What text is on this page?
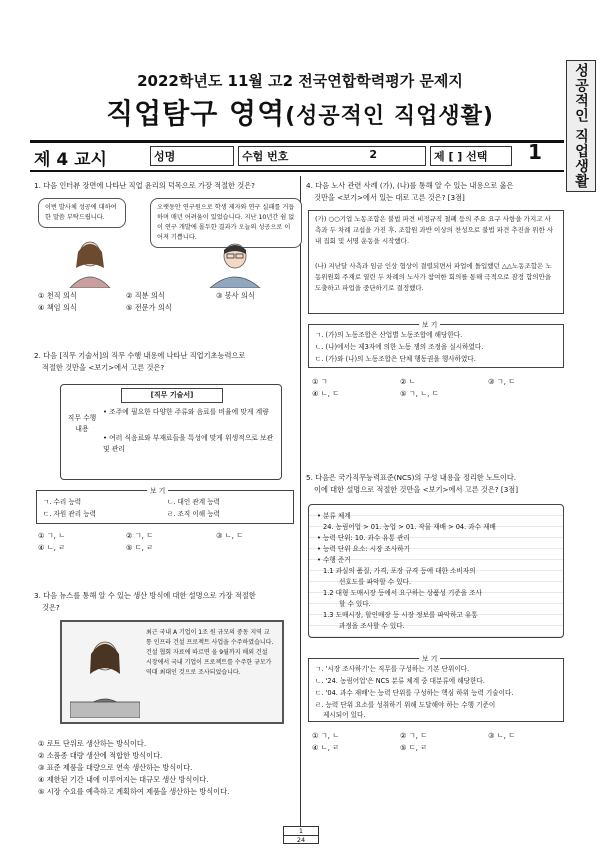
2022학년도 11월 고2 전국연합학력평가 문제지
직업탐구 영역(성공적인 직업생활)	성공적인 직업생활
제 4 교시	성명	수험 번호	2	제 [ ] 선택 1
1. 다음 인터뷰 장면에 나타난 직업 윤리의 덕목으로 가장 적절한 것은?
이번 발사체 성공에 대하여 한 말씀 부탁드립니다.
오랫동안 연구원으로 학생 제자와 연구 실패를 거듭하며 매년 어려움이 있었습니다. 지난 10년간 쉼 없이 연구 개발에 몰두한 결과가 오늘의 성공으로 이어져 기쁩니다.
① 천직 의식	② 직분 의식	③ 봉사 의식
④ 책임 의식	⑤ 전문가 의식
2. 다음 [직무 기술서]의 직무 수행 내용에 나타난 직업기초능력으로
적절한 것만을 <보기>에서 고른 것은?
[직무 기술서]
직무 수행 내용
• 조주에 필요한 다양한 주류와 음료를 비율에 맞게 계량
• 여러 식음료와 부재료들을 특성에 맞게 위생적으로 보관 및 관리
보 기
ㄱ. 수리 능력	ㄴ. 대인 관계 능력
ㄷ. 자원 관리 능력	ㄹ. 조직 이해 능력
① ㄱ, ㄴ	② ㄱ, ㄷ	③ ㄴ, ㄷ
④ ㄴ, ㄹ	⑤ ㄷ, ㄹ
3. 다음 뉴스를 통해 알 수 있는 생산 방식에 대한 설명으로 가장 적절한
것은?
최근 국내 A 기업이 1조 원 규모의 중동 지역 교통 인프라 건설 프로젝트 사업을 수주하였습니다. 건설 협회 자료에 따르면 올 9월까지 해외 건설 시장에서 국내 기업이 프로젝트를 수주한 규모가 역대 최대인 것으로 조사되었습니다.
① 로트 단위로 생산하는 방식이다.
② 소품종 대량 생산에 적합한 방식이다.
③ 표준 제품을 대량으로 연속 생산하는 방식이다.
④ 제한된 기간 내에 이루어지는 대규모 생산 방식이다.
⑤ 시장 수요를 예측하고 계획하여 제품을 생산하는 방식이다.
4. 다음 노사 관련 사례 (가), (나)를 통해 알 수 있는 내용으로 옳은
것만을 <보기>에서 있는 대로 고른 것은? [3점]
(가) ○○기업 노동조합은 불법 파견 비정규직 철폐 등의 주요 요구 사항을 가지고 사측과 두 차례 교섭을 가진 후, 조합원 과반 이상의 찬성으로 불법 파견 추진을 위한 사내 집회 및 서명 운동을 시작했다.
(나) 지난달 사측과 임금 인상 협상이 결렬되면서 파업에 돌입했던 △△노동조합은 노동위원회 주재로 열린 두 차례의 노사가 참여한 회의를 통해 극적으로 잠정 합의안을 도출하고 파업을 중단하기로 결정했다.
보 기
ㄱ. (가)의 노동조합은 산업별 노동조합에 해당한다.
ㄴ. (나)에서는 제3자에 의한 노동 쟁의 조정을 실시하였다.
ㄷ. (가)와 (나)의 노동조합은 단체 행동권을 행사하였다.
① ㄱ	② ㄴ	③ ㄱ, ㄷ
④ ㄴ, ㄷ	⑤ ㄱ, ㄴ, ㄷ
5. 다음은 국가직무능력표준(NCS)의 구성 내용을 정리한 노트이다.
이에 대한 설명으로 적절한 것만을 <보기>에서 고른 것은? [3점]
• 분류 체계
24. 농림어업 > 01. 농업 > 01. 작물 재배 > 04. 과수 재배
• 능력 단위: 10. 과수 유통 관리
• 능력 단위 요소: 시장 조사하기
• 수행 준거
1.1 과실의 품질, 가격, 포장 규격 등에 대한 소비자의
선호도를 파악할 수 있다.
1.2 대형 도매시장 등에서 요구하는 상품성 기준을 조사
할 수 있다.
1.3 도매시장, 할인매장 등 시장 정보를 파악하고 유통
과정을 조사할 수 있다.
보 기
ㄱ. '시장 조사하기'는 직무를 구성하는 기본 단위이다.
ㄴ. '24. 농림어업'은 NCS 분류 체계 중 대분류에 해당한다.
ㄷ. '04. 과수 재배'는 능력 단위를 구성하는 핵심 하위 능력 기술이다.
ㄹ. 능력 단위 요소를 성취하기 위해 도달해야 하는 수행 기준이
제시되어 있다.
① ㄱ, ㄴ	② ㄱ, ㄷ	③ ㄴ, ㄷ
④ ㄴ, ㄹ	⑤ ㄷ, ㄹ
1
24
